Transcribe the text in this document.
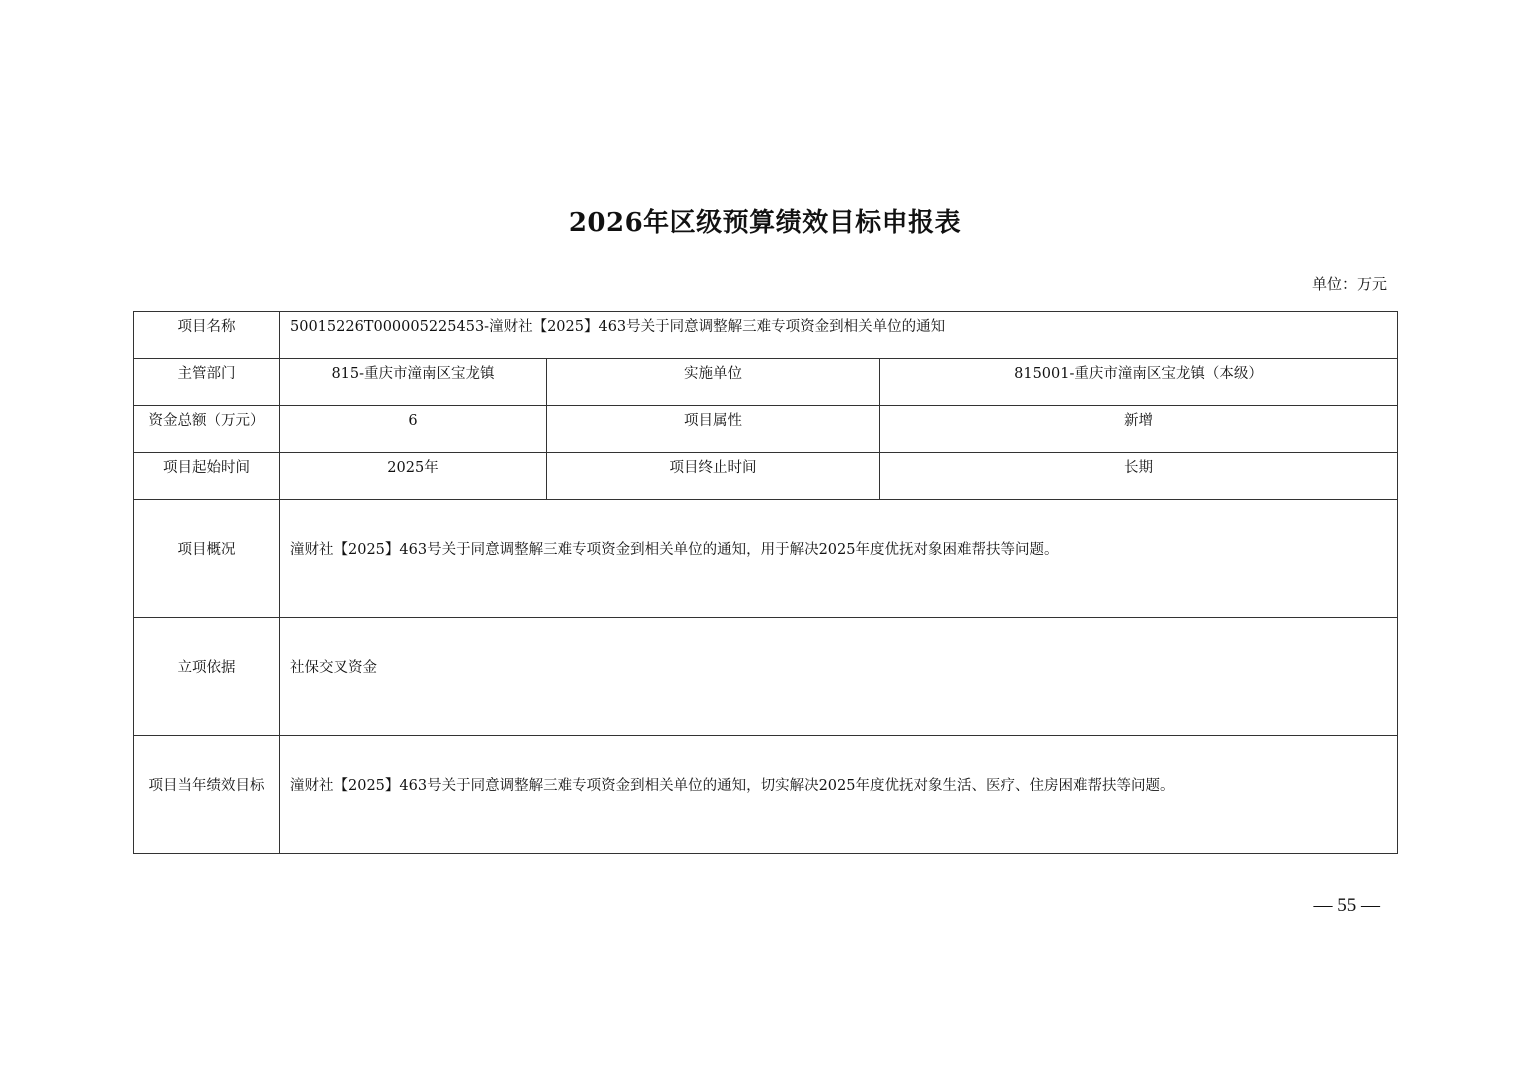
2026年区级预算绩效目标申报表
单位：万元
项目名称	50015226T000005225453-潼财社【2025】463号关于同意调整解三难专项资金到相关单位的通知		
主管部门	815-重庆市潼南区宝龙镇	实施单位	815001-重庆市潼南区宝龙镇（本级）
资金总额（万元）	6	项目属性	新增
项目起始时间	2025年	项目终止时间	长期
项目概况	潼财社【2025】463号关于同意调整解三难专项资金到相关单位的通知，用于解决2025年度优抚对象困难帮扶等问题。		
立项依据	社保交叉资金		
项目当年绩效目标	潼财社【2025】463号关于同意调整解三难专项资金到相关单位的通知，切实解决2025年度优抚对象生活、医疗、住房困难帮扶等问题。		
— 55 —
